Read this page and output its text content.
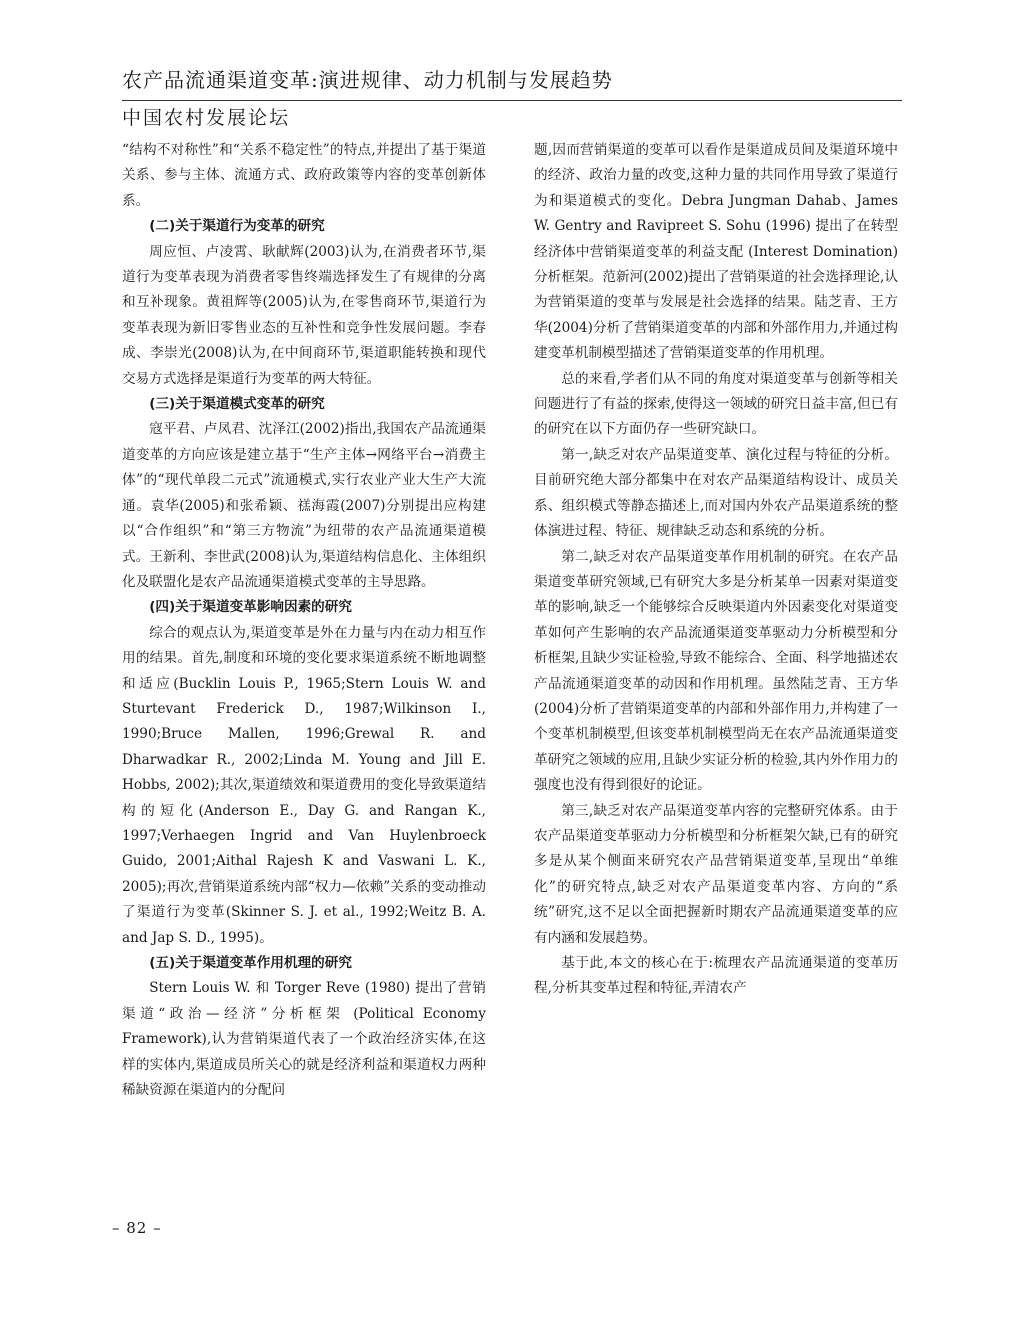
农产品流通渠道变革:演进规律、动力机制与发展趋势
中国农村发展论坛

“结构不对称性”和“关系不稳定性”的特点,并提出了基于渠道关系、参与主体、流通方式、政府政策等内容的变革创新体系。

(二)关于渠道行为变革的研究

周应恒、卢凌霄、耿献辉(2003)认为,在消费者环节,渠道行为变革表现为消费者零售终端选择发生了有规律的分离和互补现象。黄祖辉等(2005)认为,在零售商环节,渠道行为变革表现为新旧零售业态的互补性和竞争性发展问题。李春成、李崇光(2008)认为,在中间商环节,渠道职能转换和现代交易方式选择是渠道行为变革的两大特征。

(三)关于渠道模式变革的研究

寇平君、卢凤君、沈泽江(2002)指出,我国农产品流通渠道变革的方向应该是建立基于“生产主体→网络平台→消费主体”的“现代单段二元式”流通模式,实行农业产业大生产大流通。袁华(2005)和张希颖、禚海霞(2007)分别提出应构建以“合作组织”和“第三方物流”为纽带的农产品流通渠道模式。王新利、李世武(2008)认为,渠道结构信息化、主体组织化及联盟化是农产品流通渠道模式变革的主导思路。

(四)关于渠道变革影响因素的研究

综合的观点认为,渠道变革是外在力量与内在动力相互作用的结果。首先,制度和环境的变化要求渠道系统不断地调整和适应(Bucklin Louis P., 1965;Stern Louis W. and Sturtevant Frederick D., 1987;Wilkinson I., 1990;Bruce Mallen, 1996;Grewal R. and Dharwadkar R., 2002;Linda M. Young and Jill E. Hobbs, 2002);其次,渠道绩效和渠道费用的变化导致渠道结构的短化(Anderson E., Day G. and Rangan K., 1997;Verhaegen Ingrid and Van Huylenbroeck Guido, 2001;Aithal Rajesh K and Vaswani L. K., 2005);再次,营销渠道系统内部“权力—依赖”关系的变动推动了渠道行为变革(Skinner S. J. et al., 1992;Weitz B. A. and Jap S. D., 1995)。

(五)关于渠道变革作用机理的研究

Stern Louis W. 和 Torger Reve (1980) 提出了营销渠道“政治—经济”分析框架 (Political Economy Framework),认为营销渠道代表了一个政治经济实体,在这样的实体内,渠道成员所关心的就是经济利益和渠道权力两种稀缺资源在渠道内的分配问

题,因而营销渠道的变革可以看作是渠道成员间及渠道环境中的经济、政治力量的改变,这种力量的共同作用导致了渠道行为和渠道模式的变化。Debra Jungman Dahab、James W. Gentry and Ravipreet S. Sohu (1996) 提出了在转型经济体中营销渠道变革的利益支配 (Interest Domination) 分析框架。范新河(2002)提出了营销渠道的社会选择理论,认为营销渠道的变革与发展是社会选择的结果。陆芝青、王方华(2004)分析了营销渠道变革的内部和外部作用力,并通过构建变革机制模型描述了营销渠道变革的作用机理。

总的来看,学者们从不同的角度对渠道变革与创新等相关问题进行了有益的探索,使得这一领域的研究日益丰富,但已有的研究在以下方面仍存一些研究缺口。

第一,缺乏对农产品渠道变革、演化过程与特征的分析。目前研究绝大部分都集中在对农产品渠道结构设计、成员关系、组织模式等静态描述上,而对国内外农产品渠道系统的整体演进过程、特征、规律缺乏动态和系统的分析。

第二,缺乏对农产品渠道变革作用机制的研究。在农产品渠道变革研究领域,已有研究大多是分析某单一因素对渠道变革的影响,缺乏一个能够综合反映渠道内外因素变化对渠道变革如何产生影响的农产品流通渠道变革驱动力分析模型和分析框架,且缺少实证检验,导致不能综合、全面、科学地描述农产品流通渠道变革的动因和作用机理。虽然陆芝青、王方华(2004)分析了营销渠道变革的内部和外部作用力,并构建了一个变革机制模型,但该变革机制模型尚无在农产品流通渠道变革研究之领域的应用,且缺少实证分析的检验,其内外作用力的强度也没有得到很好的论证。

第三,缺乏对农产品渠道变革内容的完整研究体系。由于农产品渠道变革驱动力分析模型和分析框架欠缺,已有的研究多是从某个侧面来研究农产品营销渠道变革,呈现出“单维化”的研究特点,缺乏对农产品渠道变革内容、方向的“系统”研究,这不足以全面把握新时期农产品流通渠道变革的应有内涵和发展趋势。

基于此,本文的核心在于:梳理农产品流通渠道的变革历程,分析其变革过程和特征,弄清农产

– 82 –
